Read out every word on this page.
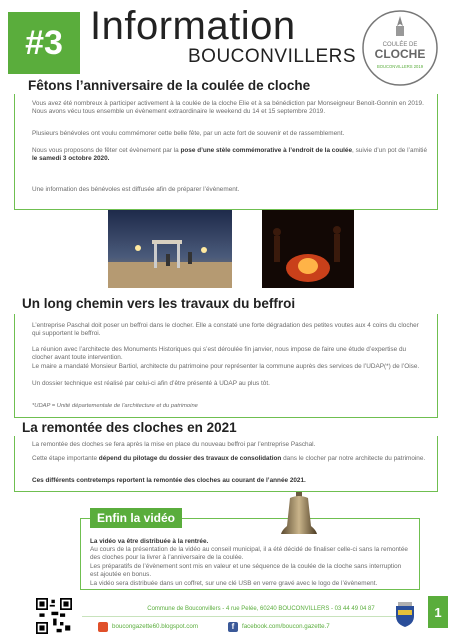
#3 Information
BOUCONVILLERS
COULÉE DE
CLOCHE
BOUCONVILLERS 2019
Fêtons l’anniversaire de la coulée de cloche
Vous avez été nombreux à participer activement à la coulée de la cloche Elie et à sa bénédiction par Monseigneur Benoit-Gonnin en 2019. Nous avons vécu tous ensemble un évènement extraordinaire le weekend du 14 et 15 septembre 2019.
Plusieurs bénévoles ont voulu commémorer cette belle fête, par un acte fort de souvenir et de rassemblement.
Nous vous proposons de fêter cet évènement par la pose d’une stèle commémorative à l’endroit de la coulée, suivie d’un pot de l’amitié le samedi 3 octobre 2020.
Une information des bénévoles est diffusée afin de préparer l’évènement.
Un long chemin vers les travaux du beffroi
L’entreprise Paschal doit poser un beffroi dans le clocher. Elle a constaté une forte dégradation des petites voutes aux 4 coins du clocher qui supportent le beffroi.
La réunion avec l’architecte des Monuments Historiques qui s’est déroulée fin janvier, nous impose de faire une étude d’expertise du clocher avant toute intervention.
Le maire a mandaté Monsieur Bartiol, architecte du patrimoine pour représenter la commune auprès des services de l’UDAP(*) de l’Oise.
Un dossier technique est réalisé par celui-ci afin d’être présenté à UDAP au plus tôt.
*UDAP = Unité départementale de l’architecture et du patrimoine
La remontée des cloches en 2021
La remontée des cloches se fera après la mise en place du nouveau beffroi par l’entreprise Paschal.
Cette étape importante dépend du pilotage du dossier des travaux de consolidation dans le clocher par notre architecte du patrimoine.
Ces différents contretemps reportent la remontée des cloches au courant de l’année 2021.
Enfin la vidéo
La vidéo va être distribuée à la rentrée.
Au cours de la présentation de la vidéo au conseil municipal, il a été décidé de finaliser celle-ci sans la remontée des cloches pour la livrer à l’anniversaire de la coulée.
Les préparatifs de l’évènement sont mis en valeur et une séquence de la coulée de la cloche sans interruption est ajoutée en bonus.
La vidéo sera distribuée dans un coffret, sur une clé USB en verre gravé avec le logo de l’évènement.
Commune de Bouconvillers - 4 rue Pelée, 60240 BOUCONVILLERS - 03 44 49 04 87
boucongazette60.blogspot.com	f	facebook.com/boucon.gazette.7
1
